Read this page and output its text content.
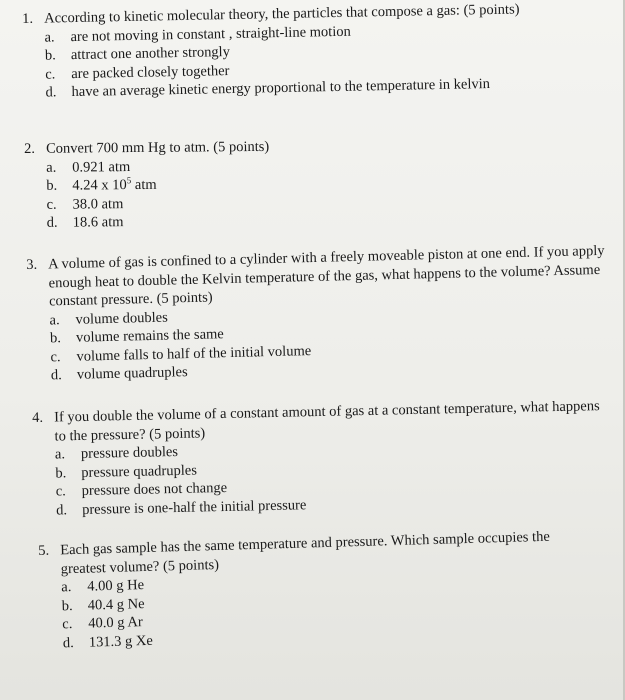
1. According to kinetic molecular theory, the particles that compose a gas: (5 points)
a.	are not moving in constant , straight-line motion
b.	attract one another strongly
c.	are packed closely together
d.	have an average kinetic energy proportional to the temperature in kelvin
2. Convert 700 mm Hg to atm. (5 points)
a.	0.921 atm
b.	4.24 x $10^5$ atm
c.	38.0 atm
d.	18.6 atm
3. A volume of gas is confined to a cylinder with a freely moveable piston at one end. If you apply enough heat to double the Kelvin temperature of the gas, what happens to the volume? Assume constant pressure. (5 points)
a.	volume doubles
b.	volume remains the same
c.	volume falls to half of the initial volume
d.	volume quadruples
4. If you double the volume of a constant amount of gas at a constant temperature, what happens to the pressure? (5 points)
a.	pressure doubles
b.	pressure quadruples
c.	pressure does not change
d.	pressure is one-half the initial pressure
5. Each gas sample has the same temperature and pressure. Which sample occupies the greatest volume? (5 points)
a.	4.00 g He
b.	40.4 g Ne
c.	40.0 g Ar
d.	131.3 g Xe
